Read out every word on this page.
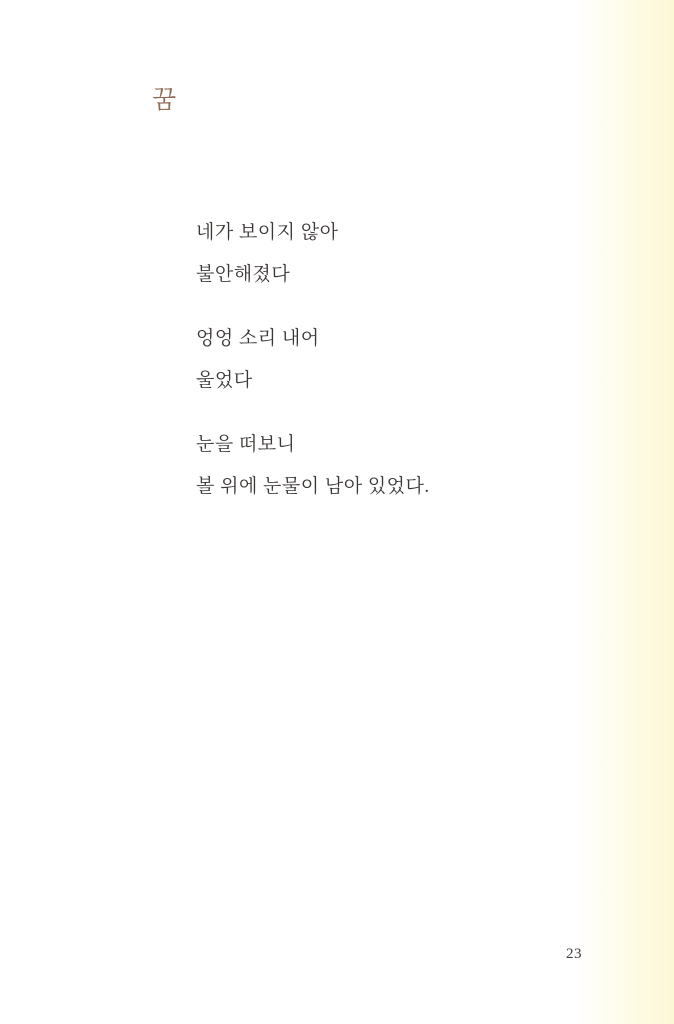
꿈

네가 보이지 않아

불안해졌다

엉엉 소리 내어

울었다

눈을 떠보니

볼 위에 눈물이 남아 있었다.

23
